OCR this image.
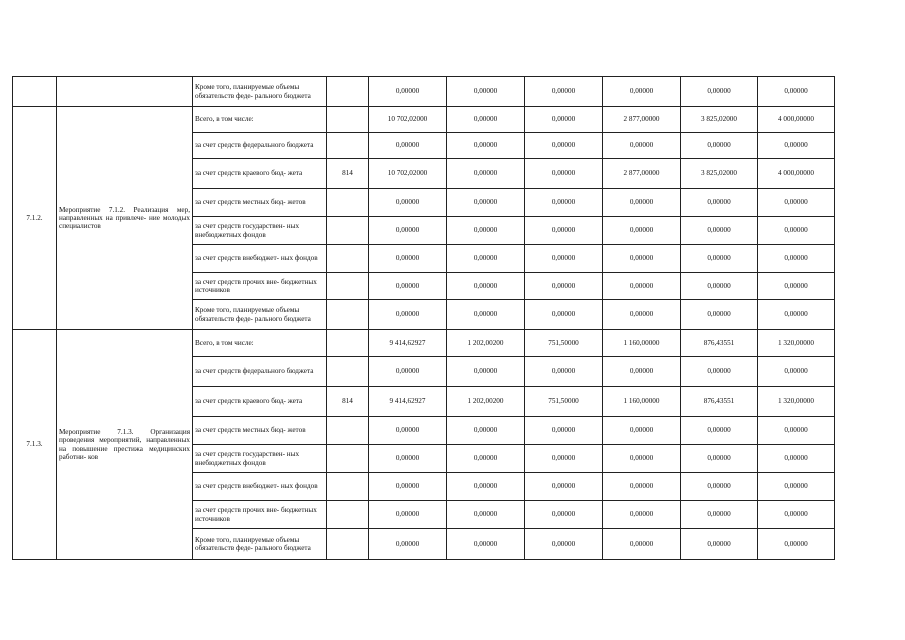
		Кроме того, планируемые объемы обязательств феде- рального бюджета		0,00000	0,00000	0,00000	0,00000	0,00000	0,00000
7.1.2.	Мероприятие 7.1.2. Реализация мер, направленных на привлече- ние молодых специалистов	Всего, в том числе:		10 702,02000	0,00000	0,00000	2 877,00000	3 825,02000	4 000,00000
		за счет средств федерального бюджета		0,00000	0,00000	0,00000	0,00000	0,00000	0,00000
		за счет средств краевого бюд- жета	814	10 702,02000	0,00000	0,00000	2 877,00000	3 825,02000	4 000,00000
		за счет средств местных бюд- жетов		0,00000	0,00000	0,00000	0,00000	0,00000	0,00000
		за счет средств государствен- ных внебюджетных фондов		0,00000	0,00000	0,00000	0,00000	0,00000	0,00000
		за счет средств внебюджет- ных фондов		0,00000	0,00000	0,00000	0,00000	0,00000	0,00000
		за счет средств прочих вне- бюджетных источников		0,00000	0,00000	0,00000	0,00000	0,00000	0,00000
		Кроме того, планируемые объемы обязательств феде- рального бюджета		0,00000	0,00000	0,00000	0,00000	0,00000	0,00000
7.1.3.	Мероприятие 7.1.3. Организация проведения мероприятий, направленных на повышение престижа медицинских работни- ков	Всего, в том числе:		9 414,62927	1 202,00200	751,50000	1 160,00000	876,43551	1 320,00000
		за счет средств федерального бюджета		0,00000	0,00000	0,00000	0,00000	0,00000	0,00000
		за счет средств краевого бюд- жета	814	9 414,62927	1 202,00200	751,50000	1 160,00000	876,43551	1 320,00000
		за счет средств местных бюд- жетов		0,00000	0,00000	0,00000	0,00000	0,00000	0,00000
		за счет средств государствен- ных внебюджетных фондов		0,00000	0,00000	0,00000	0,00000	0,00000	0,00000
		за счет средств внебюджет- ных фондов		0,00000	0,00000	0,00000	0,00000	0,00000	0,00000
		за счет средств прочих вне- бюджетных источников		0,00000	0,00000	0,00000	0,00000	0,00000	0,00000
		Кроме того, планируемые объемы обязательств феде- рального бюджета		0,00000	0,00000	0,00000	0,00000	0,00000	0,00000
